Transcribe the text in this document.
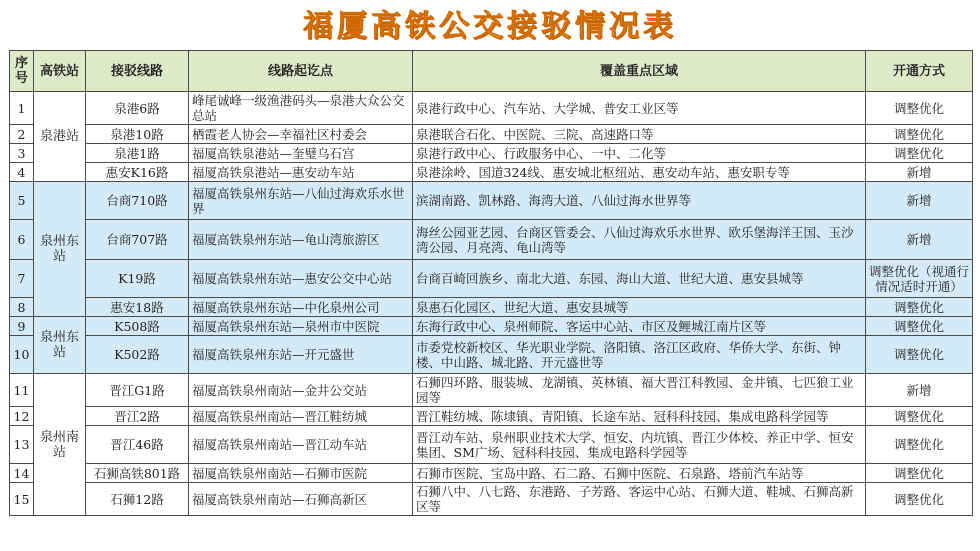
福厦高铁公交接驳情况表
序号	高铁站	接驳线路	线路起讫点	覆盖重点区域	开通方式
1	泉港站	泉港6路	峰尾诚峰一级渔港码头—泉港大众公交总站	泉港行政中心、汽车站、大学城、普安工业区等	调整优化
2		泉港10路	栖霞老人协会—幸福社区村委会	泉港联合石化、中医院、三院、高速路口等	调整优化
3		泉港1路	福厦高铁泉港站—奎璧乌石宫	泉港行政中心、行政服务中心、一中、二化等	调整优化
4		惠安K16路	福厦高铁泉港站—惠安动车站	泉港涂岭、国道324线、惠安城北枢纽站、惠安动车站、惠安职专等	新增
5	泉州东站	台商710路	福厦高铁泉州东站—八仙过海欢乐水世界	滨湖南路、凯林路、海湾大道、八仙过海水世界等	新增
6		台商707路	福厦高铁泉州东站—龟山湾旅游区	海丝公园亚艺园、台商区管委会、八仙过海欢乐水世界、欧乐堡海洋王国、玉沙湾公园、月亮湾、龟山湾等	新增
7		K19路	福厦高铁泉州东站—惠安公交中心站	台商百崎回族乡、南北大道、东园、海山大道、世纪大道、惠安县城等	调整优化（视通行情况适时开通）
8		惠安18路	福厦高铁泉州东站—中化泉州公司	泉惠石化园区、世纪大道、惠安县城等	调整优化
9	泉州东站	K508路	福厦高铁泉州东站—泉州市中医院	东海行政中心、泉州师院、客运中心站、市区及鲤城江南片区等	调整优化
10		K502路	福厦高铁泉州东站—开元盛世	市委党校新校区、华光职业学院、洛阳镇、洛江区政府、华侨大学、东街、钟楼、中山路、城北路、开元盛世等	调整优化
11	泉州南站	晋江G1路	福厦高铁泉州南站—金井公交站	石狮四环路、服装城、龙湖镇、英林镇、福大晋江科教园、金井镇、七匹狼工业园等	新增
12		晋江2路	福厦高铁泉州南站—晋江鞋纺城	晋江鞋纺城、陈埭镇、青阳镇、长途车站、冠科科技园、集成电路科学园等	调整优化
13		晋江46路	福厦高铁泉州南站—晋江动车站	晋江动车站、泉州职业技术大学、恒安、内坑镇、晋江少体校、养正中学、恒安集团、SM广场、冠科科技园、集成电路科学园等	调整优化
14		石狮高铁801路	福厦高铁泉州南站—石狮市医院	石狮市医院、宝岛中路、石二路、石狮中医院、石泉路、塔前汽车站等	调整优化
15		石狮12路	福厦高铁泉州南站—石狮高新区	石狮八中、八七路、东港路、子芳路、客运中心站、石狮大道、鞋城、石狮高新区等	调整优化
